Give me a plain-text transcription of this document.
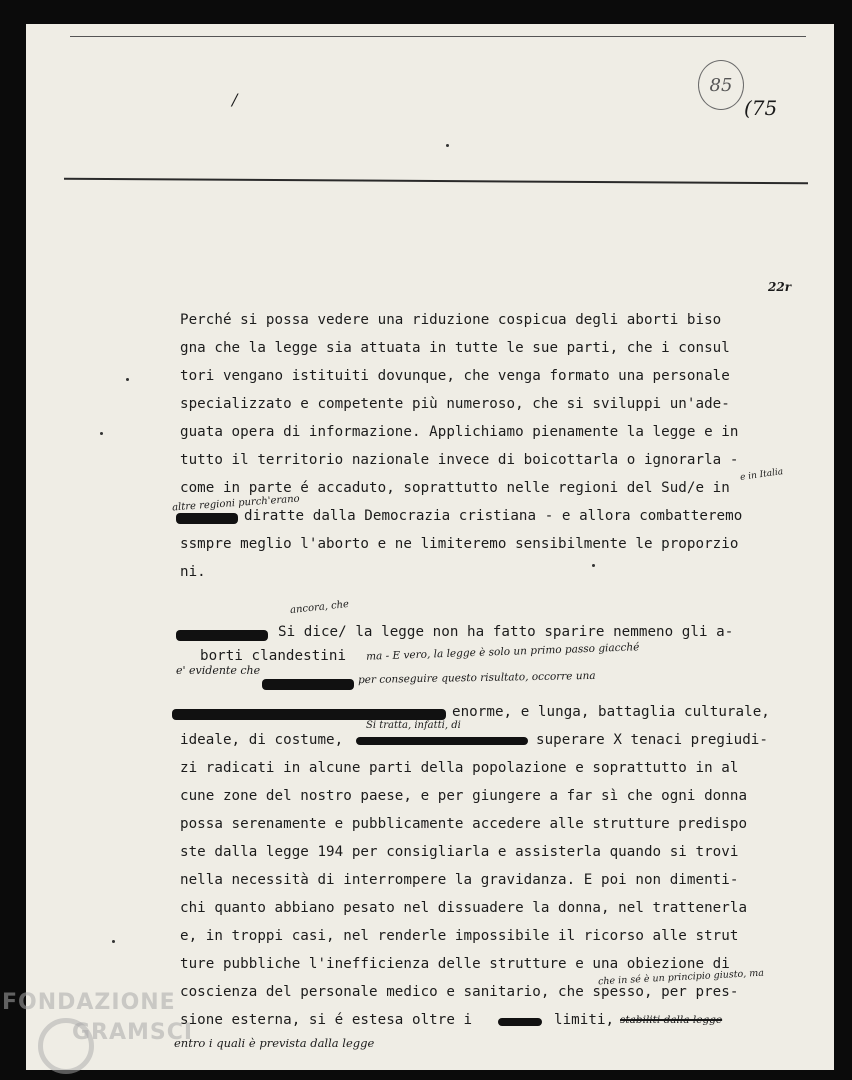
85
(75
/
22r
Perché si possa vedere una riduzione cospicua degli aborti biso
gna che la legge sia attuata in tutte le sue parti, che i consul
tori vengano istituiti dovunque, che venga formato una personale
specializzato e competente più numeroso, che si sviluppi un'ade-
guata opera di informazione. Applichiamo pienamente la legge e in
tutto il territorio nazionale invece di boicottarla o ignorarla -
come in parte é accaduto, soprattutto nelle regioni del Sud/e in
e in Italia
altre regioni purch'erano
diratte dalla Democrazia cristiana - e allora combatteremo
ssmpre meglio l'aborto e ne limiteremo sensibilmente le proporzio
ni.
ancora, che
Si dice/ la legge non ha fatto sparire nemmeno gli a-
borti clandestini ma - E vero, la legge è solo un primo passo giacché
e' evidente che	per conseguire questo risultato, occorre una
enorme, e lunga, battaglia culturale,
ideale, di costume,
Si tratta, infatti, di
superare X tenaci pregiudi-
zi radicati in alcune parti della popolazione e soprattutto in al
cune zone del nostro paese, e per giungere a far sì che ogni donna
possa serenamente e pubblicamente accedere alle strutture predispo
ste dalla legge 194 per consigliarla e assisterla quando si trovi
nella necessità di interrompere la gravidanza. E poi non dimenti-
chi quanto abbiano pesato nel dissuadere la donna, nel trattenerla
e, in troppi casi, nel renderle impossibile il ricorso alle strut
ture pubbliche l'inefficienza delle strutture e una obiezione di
che in sé è un principio giusto, ma
coscienza del personale medico e sanitario, che spesso, per pres-
sione esterna, si é estesa oltre i	limiti, stabiliti dalla legge
entro i quali è prevista dalla legge
FONDAZIONE
GRAMSCI
